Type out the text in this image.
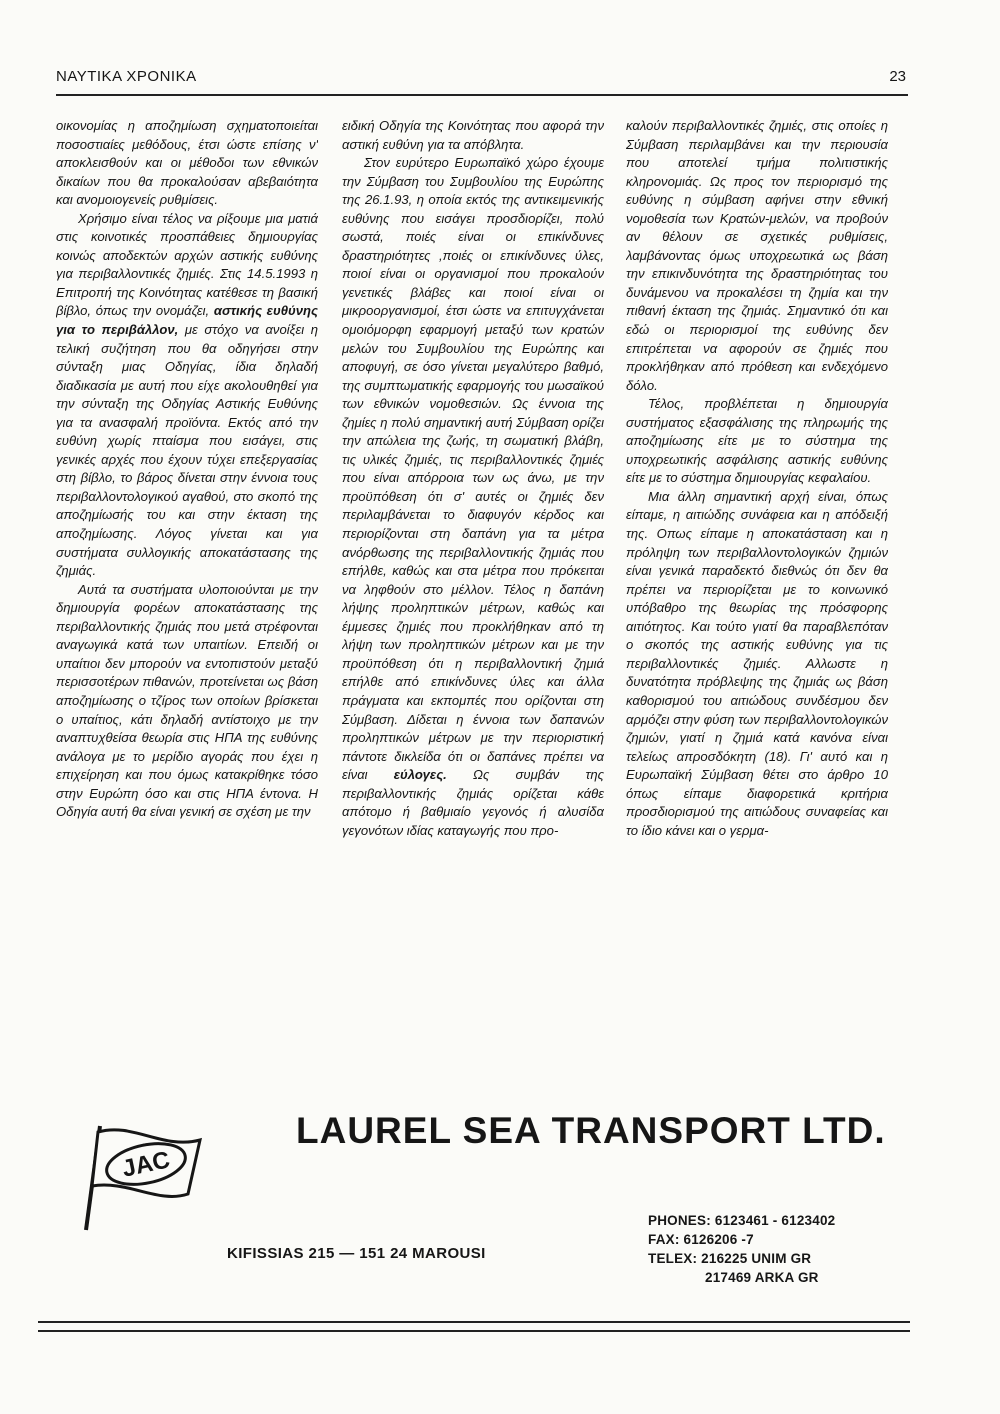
ΝΑΥΤΙΚΑ ΧΡΟΝΙΚΑ	23

οικονομίας η αποζημίωση σχηματοποιείται ποσοστιαίες μεθόδους, έτσι ώστε επίσης ν' αποκλεισθούν και οι μέθοδοι των εθνικών δικαίων που θα προκαλούσαν αβεβαιότητα και ανομοιογενείς ρυθμίσεις.

Χρήσιμο είναι τέλος να ρίξουμε μια ματιά στις κοινοτικές προσπάθειες δημιουργίας κοινώς αποδεκτών αρχών αστικής ευθύνης για περιβαλλοντικές ζημιές. Στις 14.5.1993 η Επιτροπή της Κοινότητας κατέθεσε τη βασική βίβλο, όπως την ονομάζει, αστικής ευθύνης για το περιβάλλον, με στόχο να ανοίξει η τελική συζήτηση που θα οδηγήσει στην σύνταξη μιας Οδηγίας, ίδια δηλαδή διαδικασία με αυτή που είχε ακολουθηθεί για την σύνταξη της Οδηγίας Αστικής Ευθύνης για τα ανασφαλή προϊόντα. Εκτός από την ευθύνη χωρίς πταίσμα που εισάγει, στις γενικές αρχές που έχουν τύχει επεξεργασίας στη βίβλο, το βάρος δίνεται στην έννοια τους περιβαλλοντολογικού αγαθού, στο σκοπό της αποζημίωσής του και στην έκταση της αποζημίωσης. Λόγος γίνεται και για συστήματα συλλογικής αποκατάστασης της ζημιάς.

Αυτά τα συστήματα υλοποιούνται με την δημιουργία φορέων αποκατάστασης της περιβαλλοντικής ζημιάς που μετά στρέφονται αναγωγικά κατά των υπαιτίων. Επειδή οι υπαίτιοι δεν μπορούν να εντοπιστούν μεταξύ περισσοτέρων πιθανών, προτείνεται ως βάση αποζημίωσης ο τζίρος των οποίων βρίσκεται ο υπαίτιος, κάτι δηλαδή αντίστοιχο με την αναπτυχθείσα θεωρία στις ΗΠΑ της ευθύνης ανάλογα με το μερίδιο αγοράς που έχει η επιχείρηση και που όμως κατακρίθηκε τόσο στην Ευρώπη όσο και στις ΗΠΑ έντονα. Η Οδηγία αυτή θα είναι γενική σε σχέση με την

ειδική Οδηγία της Κοινότητας που αφορά την αστική ευθύνη για τα απόβλητα.

Στον ευρύτερο Ευρωπαϊκό χώρο έχουμε την Σύμβαση του Συμβουλίου της Ευρώπης της 26.1.93, η οποία εκτός της αντικειμενικής ευθύνης που εισάγει προσδιορίζει, πολύ σωστά, ποιές είναι οι επικίνδυνες δραστηριότητες ,ποιές οι επικίνδυνες ύλες, ποιοί είναι οι οργανισμοί που προκαλούν γενετικές βλάβες και ποιοί είναι οι μικροοργανισμοί, έτσι ώστε να επιτυγχάνεται ομοιόμορφη εφαρμογή μεταξύ των κρατών μελών του Συμβουλίου της Ευρώπης και αποφυγή, σε όσο γίνεται μεγαλύτερο βαθμό, της συμπτωματικής εφαρμογής του μωσαϊκού των εθνικών νομοθεσιών. Ως έννοια της ζημίες η πολύ σημαντική αυτή Σύμβαση ορίζει την απώλεια της ζωής, τη σωματική βλάβη, τις υλικές ζημιές, τις περιβαλλοντικές ζημιές που είναι απόρροια των ως άνω, με την προϋπόθεση ότι σ' αυτές οι ζημιές δεν περιλαμβάνεται το διαφυγόν κέρδος και περιορίζονται στη δαπάνη για τα μέτρα ανόρθωσης της περιβαλλοντικής ζημιάς που επήλθε, καθώς και στα μέτρα που πρόκειται να ληφθούν στο μέλλον. Τέλος η δαπάνη λήψης προληπτικών μέτρων, καθώς και έμμεσες ζημιές που προκλήθηκαν από τη λήψη των προληπτικών μέτρων και με την προϋπόθεση ότι η περιβαλλοντική ζημιά επήλθε από επικίνδυνες ύλες και άλλα πράγματα και εκπομπές που ορίζονται στη Σύμβαση. Δίδεται η έννοια των δαπανών προληπτικών μέτρων με την περιοριστική πάντοτε δικλείδα ότι οι δαπάνες πρέπει να είναι εύλογες. Ως συμβάν της περιβαλλοντικής ζημιάς ορίζεται κάθε απότομο ή βαθμιαίο γεγονός ή αλυσίδα γεγονότων ιδίας καταγωγής που προ-

καλούν περιβαλλοντικές ζημιές, στις οποίες η Σύμβαση περιλαμβάνει και την περιουσία που αποτελεί τμήμα πολιτιστικής κληρονομιάς. Ως προς τον περιορισμό της ευθύνης η σύμβαση αφήνει στην εθνική νομοθεσία των Κρατών-μελών, να προβούν αν θέλουν σε σχετικές ρυθμίσεις, λαμβάνοντας όμως υποχρεωτικά ως βάση την επικινδυνότητα της δραστηριότητας του δυνάμενου να προκαλέσει τη ζημία και την πιθανή έκταση της ζημιάς. Σημαντικό ότι και εδώ οι περιορισμοί της ευθύνης δεν επιτρέπεται να αφορούν σε ζημιές που προκλήθηκαν από πρόθεση και ενδεχόμενο δόλο.

Τέλος, προβλέπεται η δημιουργία συστήματος εξασφάλισης της πληρωμής της αποζημίωσης είτε με το σύστημα της υποχρεωτικής ασφάλισης αστικής ευθύνης είτε με το σύστημα δημιουργίας κεφαλαίου.

Μια άλλη σημαντική αρχή είναι, όπως είπαμε, η αιτιώδης συνάφεια και η απόδειξή της. Οπως είπαμε η αποκατάσταση και η πρόληψη των περιβαλλοντολογικών ζημιών είναι γενικά παραδεκτό διεθνώς ότι δεν θα πρέπει να περιορίζεται με το κοινωνικό υπόβαθρο της θεωρίας της πρόσφορης αιτιότητος. Και τούτο γιατί θα παραβλεπόταν ο σκοπός της αστικής ευθύνης για τις περιβαλλοντικές ζημιές. Αλλωστε η δυνατότητα πρόβλεψης της ζημιάς ως βάση καθορισμού του αιτιώδους συνδέσμου δεν αρμόζει στην φύση των περιβαλλοντολογικών ζημιών, γιατί η ζημιά κατά κανόνα είναι τελείως απροσδόκητη (18). Γι' αυτό και η Ευρωπαϊκή Σύμβαση θέτει στο άρθρο 10 όπως είπαμε διαφορετικά κριτήρια προσδιορισμού της αιτιώδους συναφείας και το ίδιο κάνει και ο γερμα-

JAC
LAUREL SEA TRANSPORT LTD.
KIFISSIAS 215 — 151 24 MAROUSI
PHONES: 6123461 - 6123402
FAX: 6126206 -7
TELEX: 216225 UNIM GR
217469 ARKA GR
